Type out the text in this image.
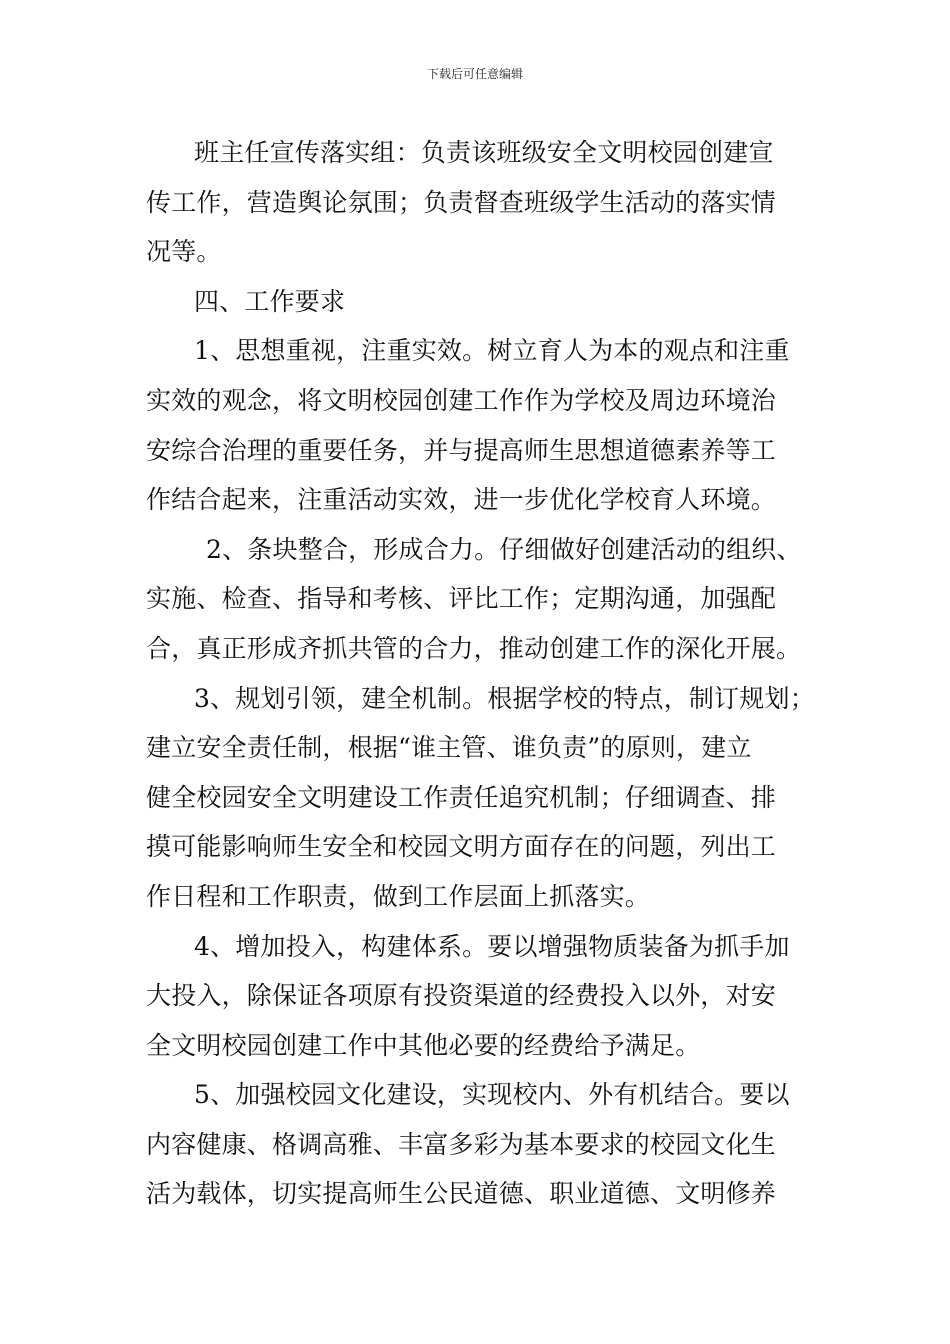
下载后可任意编辑
班主任宣传落实组：负责该班级安全文明校园创建宣
传工作，营造舆论氛围；负责督查班级学生活动的落实情
况等。
四、工作要求
1、思想重视，注重实效。树立育人为本的观点和注重
实效的观念，将文明校园创建工作作为学校及周边环境治
安综合治理的重要任务，并与提高师生思想道德素养等工
作结合起来，注重活动实效，进一步优化学校育人环境。
2、条块整合，形成合力。仔细做好创建活动的组织、
实施、检查、指导和考核、评比工作；定期沟通，加强配
合，真正形成齐抓共管的合力，推动创建工作的深化开展。
3、规划引领，建全机制。根据学校的特点，制订规划；
建立安全责任制，根据“谁主管、谁负责”的原则，建立
健全校园安全文明建设工作责任追究机制；仔细调查、排
摸可能影响师生安全和校园文明方面存在的问题，列出工
作日程和工作职责，做到工作层面上抓落实。
4、增加投入，构建体系。要以增强物质装备为抓手加
大投入，除保证各项原有投资渠道的经费投入以外，对安
全文明校园创建工作中其他必要的经费给予满足。
5、加强校园文化建设，实现校内、外有机结合。要以
内容健康、格调高雅、丰富多彩为基本要求的校园文化生
活为载体，切实提高师生公民道德、职业道德、文明修养
